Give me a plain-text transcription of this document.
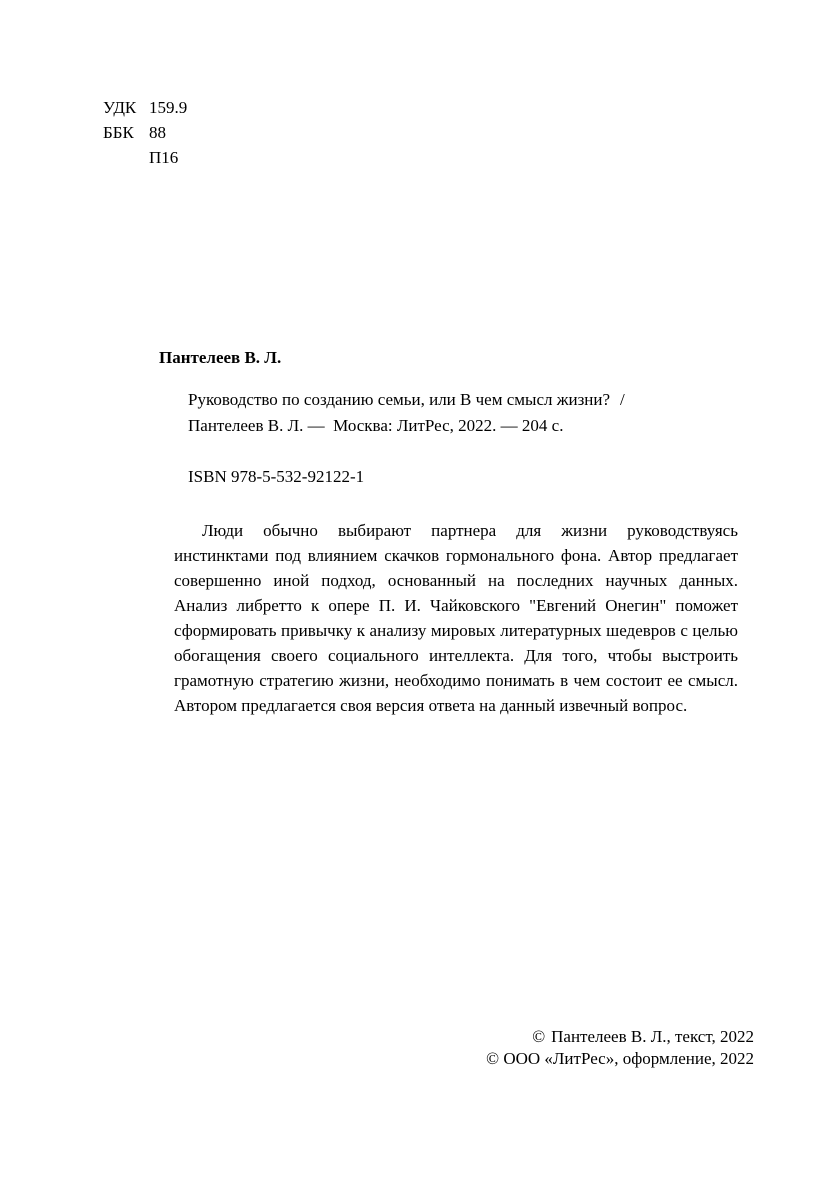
УДК 159.9
ББК 88
П16
Пантелеев В. Л.
Руководство по созданию семьи, или В чем смысл жизни? /
Пантелеев В. Л. — Москва: ЛитРес, 2022. — 204 с.
ISBN 978-5-532-92122-1

Люди обычно выбирают партнера для жизни руководствуясь инстинктами под влиянием скачков гормонального фона. Автор предлагает совершенно иной подход, основанный на последних научных данных. Анализ либретто к опере П. И. Чайковского "Евгений Онегин" поможет сформировать привычку к анализу мировых литературных шедевров с целью обогащения своего социального интеллекта. Для того, чтобы выстроить грамотную стратегию жизни, необходимо понимать в чем состоит ее смысл. Автором предлагается своя версия ответа на данный извечный вопрос.

© Пантелеев В. Л., текст, 2022
© ООО «ЛитРес», оформление, 2022
